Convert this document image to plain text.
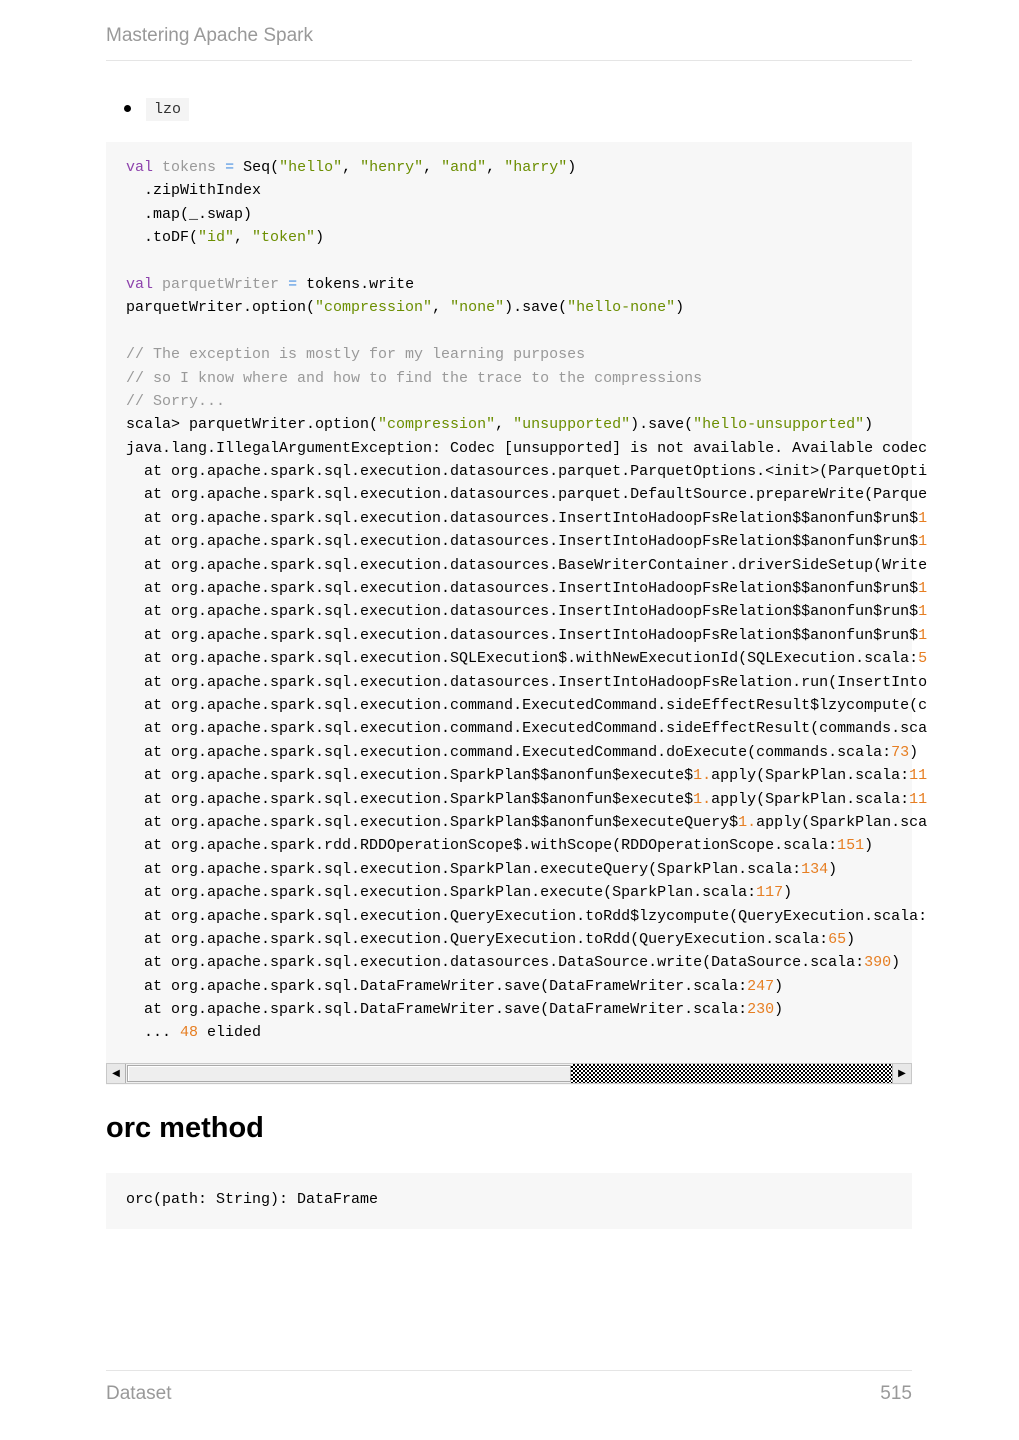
Mastering Apache Spark
lzo
val tokens = Seq("hello", "henry", "and", "harry")
.zipWithIndex
.map(_.swap)
.toDF("id", "token")

val parquetWriter = tokens.write
parquetWriter.option("compression", "none").save("hello-none")

// The exception is mostly for my learning purposes
// so I know where and how to find the trace to the compressions
// Sorry...
scala> parquetWriter.option("compression", "unsupported").save("hello-unsupported")
java.lang.IllegalArgumentException: Codec [unsupported] is not available. Available codec
at org.apache.spark.sql.execution.datasources.parquet.ParquetOptions.<init>(ParquetOpti
at org.apache.spark.sql.execution.datasources.parquet.DefaultSource.prepareWrite(Parque
at org.apache.spark.sql.execution.datasources.InsertIntoHadoopFsRelation$$anonfun$run$1
at org.apache.spark.sql.execution.datasources.InsertIntoHadoopFsRelation$$anonfun$run$1
at org.apache.spark.sql.execution.datasources.BaseWriterContainer.driverSideSetup(Write
at org.apache.spark.sql.execution.datasources.InsertIntoHadoopFsRelation$$anonfun$run$1
at org.apache.spark.sql.execution.datasources.InsertIntoHadoopFsRelation$$anonfun$run$1
at org.apache.spark.sql.execution.datasources.InsertIntoHadoopFsRelation$$anonfun$run$1
at org.apache.spark.sql.execution.SQLExecution$.withNewExecutionId(SQLExecution.scala:5
at org.apache.spark.sql.execution.datasources.InsertIntoHadoopFsRelation.run(InsertInto
at org.apache.spark.sql.execution.command.ExecutedCommand.sideEffectResult$lzycompute(c
at org.apache.spark.sql.execution.command.ExecutedCommand.sideEffectResult(commands.sca
at org.apache.spark.sql.execution.command.ExecutedCommand.doExecute(commands.scala:73)
at org.apache.spark.sql.execution.SparkPlan$$anonfun$execute$1.apply(SparkPlan.scala:11
at org.apache.spark.sql.execution.SparkPlan$$anonfun$execute$1.apply(SparkPlan.scala:11
at org.apache.spark.sql.execution.SparkPlan$$anonfun$executeQuery$1.apply(SparkPlan.sca
at org.apache.spark.rdd.RDDOperationScope$.withScope(RDDOperationScope.scala:151)
at org.apache.spark.sql.execution.SparkPlan.executeQuery(SparkPlan.scala:134)
at org.apache.spark.sql.execution.SparkPlan.execute(SparkPlan.scala:117)
at org.apache.spark.sql.execution.QueryExecution.toRdd$lzycompute(QueryExecution.scala:
at org.apache.spark.sql.execution.QueryExecution.toRdd(QueryExecution.scala:65)
at org.apache.spark.sql.execution.datasources.DataSource.write(DataSource.scala:390)
at org.apache.spark.sql.DataFrameWriter.save(DataFrameWriter.scala:247)
at org.apache.spark.sql.DataFrameWriter.save(DataFrameWriter.scala:230)
... 48 elided
◀	▶
orc method
orc(path: String): DataFrame
Dataset	515
